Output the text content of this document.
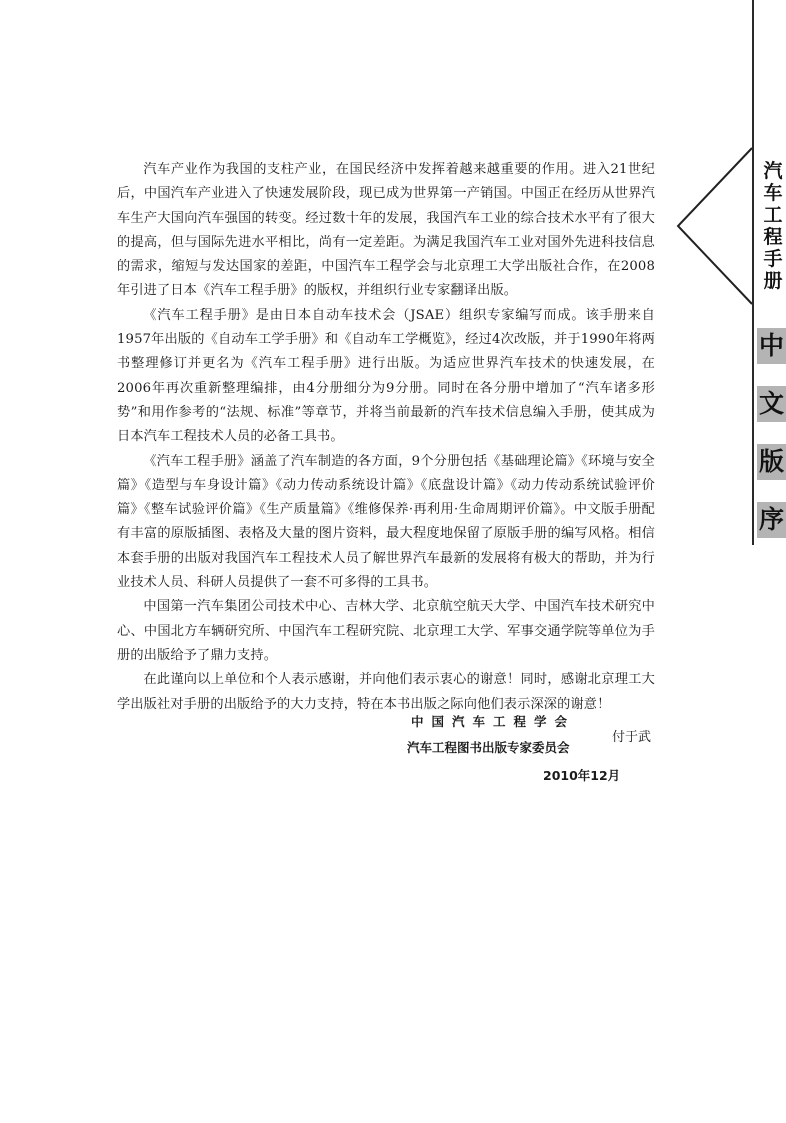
汽
车
工
程
手
册
中
文
版
序

汽车产业作为我国的支柱产业，在国民经济中发挥着越来越重要的作用。进入21世纪后，中国汽车产业进入了快速发展阶段，现已成为世界第一产销国。中国正在经历从世界汽车生产大国向汽车强国的转变。经过数十年的发展，我国汽车工业的综合技术水平有了很大的提高，但与国际先进水平相比，尚有一定差距。为满足我国汽车工业对国外先进科技信息的需求，缩短与发达国家的差距，中国汽车工程学会与北京理工大学出版社合作，在2008年引进了日本《汽车工程手册》的版权，并组织行业专家翻译出版。

《汽车工程手册》是由日本自动车技术会（JSAE）组织专家编写而成。该手册来自1957年出版的《自动车工学手册》和《自动车工学概览》，经过4次改版，并于1990年将两书整理修订并更名为《汽车工程手册》进行出版。为适应世界汽车技术的快速发展，在2006年再次重新整理编排，由4分册细分为9分册。同时在各分册中增加了“汽车诸多形势”和用作参考的“法规、标准”等章节，并将当前最新的汽车技术信息编入手册，使其成为日本汽车工程技术人员的必备工具书。

《汽车工程手册》涵盖了汽车制造的各方面，9个分册包括《基础理论篇》《环境与安全篇》《造型与车身设计篇》《动力传动系统设计篇》《底盘设计篇》《动力传动系统试验评价篇》《整车试验评价篇》《生产质量篇》《维修保养·再利用·生命周期评价篇》。中文版手册配有丰富的原版插图、表格及大量的图片资料，最大程度地保留了原版手册的编写风格。相信本套手册的出版对我国汽车工程技术人员了解世界汽车最新的发展将有极大的帮助，并为行业技术人员、科研人员提供了一套不可多得的工具书。

中国第一汽车集团公司技术中心、吉林大学、北京航空航天大学、中国汽车技术研究中心、中国北方车辆研究所、中国汽车工程研究院、北京理工大学、军事交通学院等单位为手册的出版给予了鼎力支持。

在此谨向以上单位和个人表示感谢，并向他们表示衷心的谢意！同时，感谢北京理工大学出版社对手册的出版给予的大力支持，特在本书出版之际向他们表示深深的谢意！

中国汽车工程学会
汽车工程图书出版专家委员会
付于武
2010年12月
